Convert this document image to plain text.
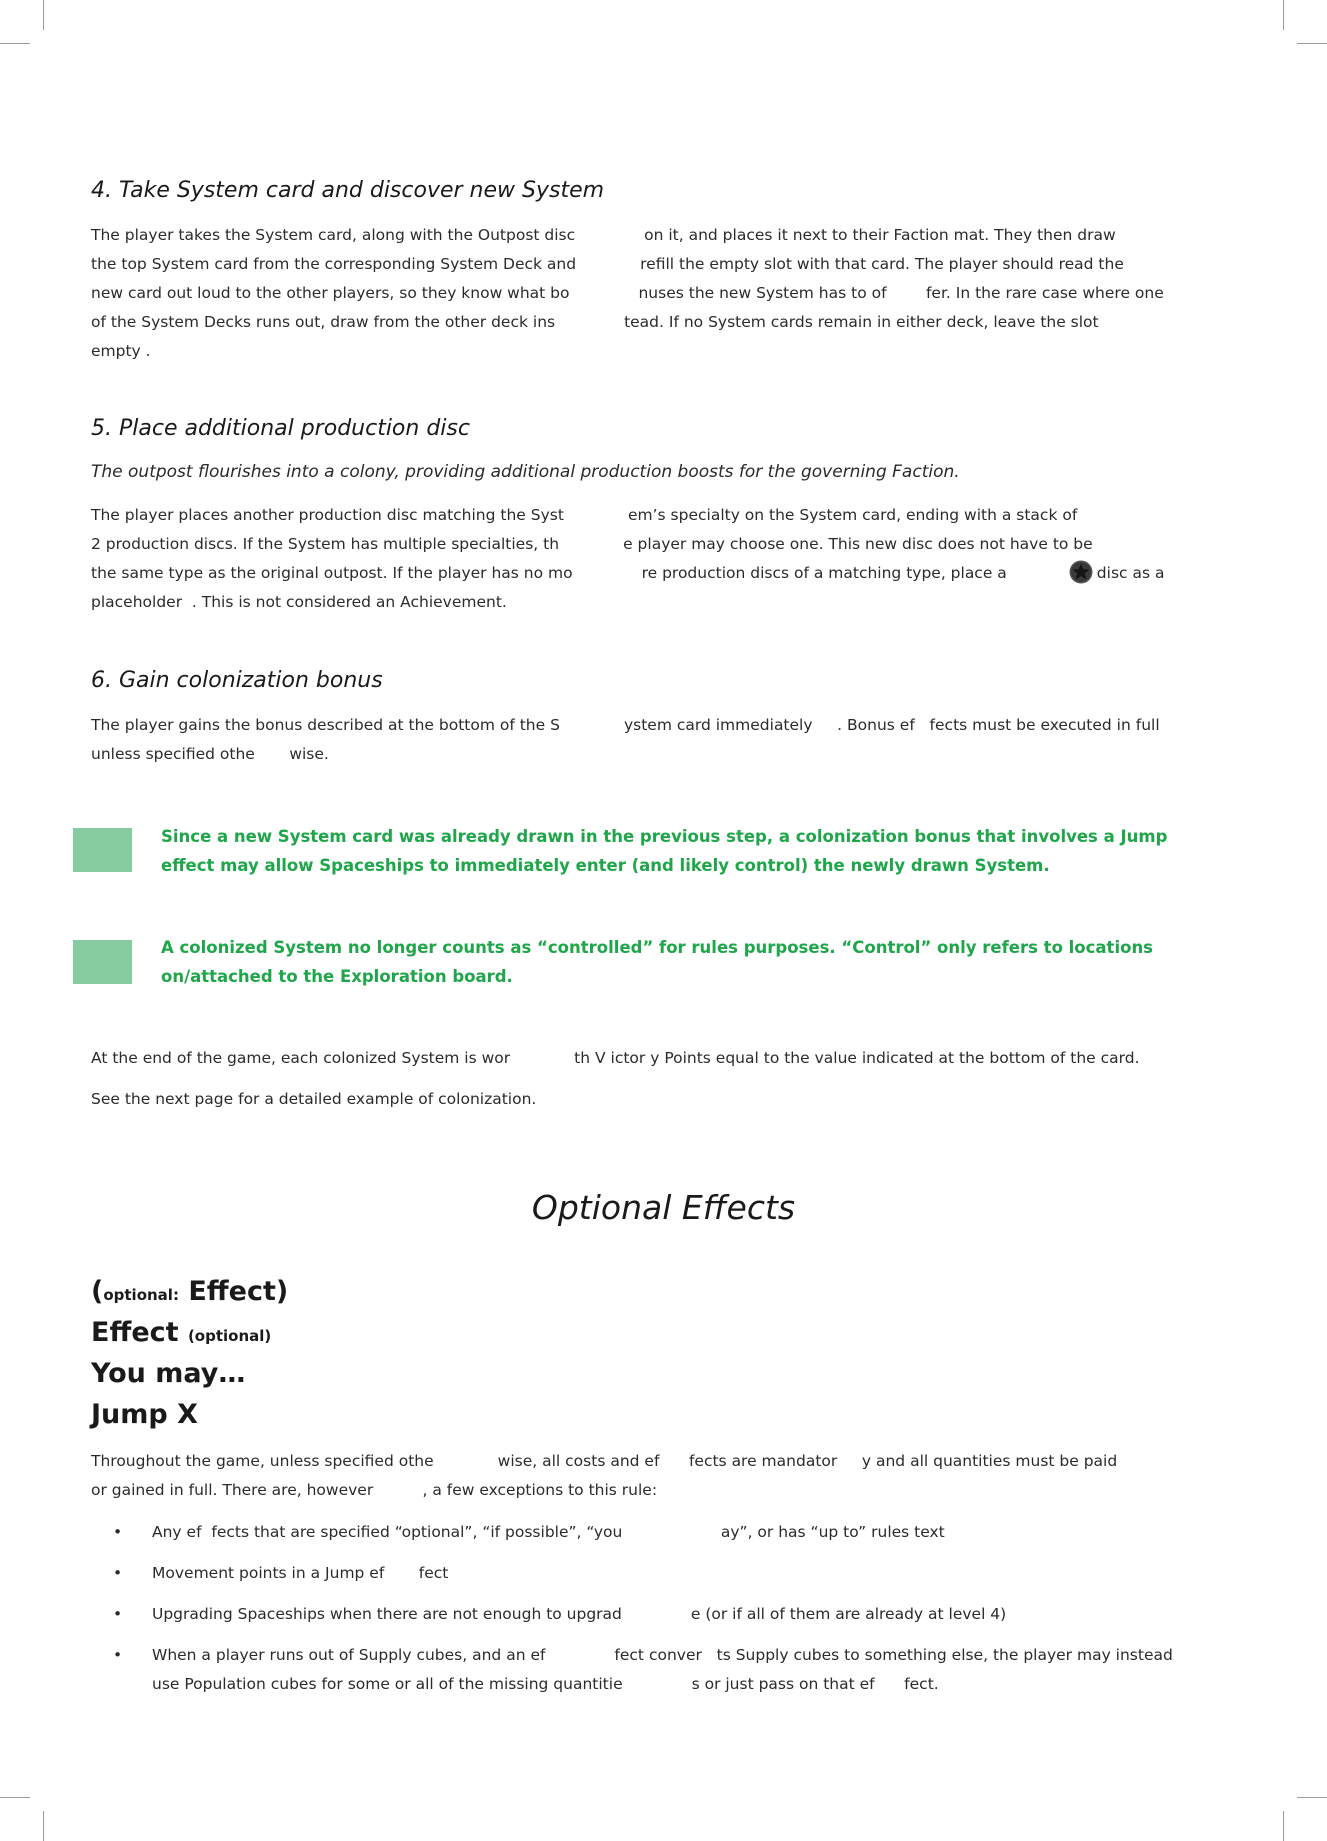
4. Take System card and discover new System
The player takes the System card, along with the Outpost disc              on it, and places it next to their Faction mat. They then draw
the top System card from the corresponding System Deck and             refill the empty slot with that card. The player should read the
new card out loud to the other players, so they know what bo              nuses the new System has to of        fer. In the rare case where one
of the System Decks runs out, draw from the other deck ins              tead. If no System cards remain in either deck, leave the slot
empty .
5. Place additional production disc
The outpost flourishes into a colony, providing additional production boosts for the governing Faction.
The player places another production disc matching the Syst             em’s specialty on the System card, ending with a stack of
2 production discs. If the System has multiple specialties, th             e player may choose one. This new disc does not have to be
the same type as the original outpost. If the player has no mo              re production discs of a matching type, place a	disc as a
placeholder  . This is not considered an Achievement.
6. Gain colonization bonus
The player gains the bonus described at the bottom of the S             ystem card immediately     . Bonus ef   fects must be executed in full
unless specified othe       wise.
Since a new System card was already drawn in the previous step, a colonization bonus that involves a Jump
effect may allow Spaceships to immediately enter (and likely control) the newly drawn System.
A colonized System no longer counts as “controlled” for rules purposes. “Control” only refers to locations
on/attached to the Exploration board.
At the end of the game, each colonized System is wor             th V ictor y Points equal to the value indicated at the bottom of the card.
See the next page for a detailed example of colonization.
Optional Effects
(optional: Effect)
Effect (optional)
You may…
Jump X
Throughout the game, unless specified othe             wise, all costs and ef      fects are mandator     y and all quantities must be paid
or gained in full. There are, however          , a few exceptions to this rule:
• Any ef  fects that are specified “optional”, “if possible”, “you                    ay”, or has “up to” rules text
• Movement points in a Jump ef       fect
• Upgrading Spaceships when there are not enough to upgrad              e (or if all of them are already at level 4)
• When a player runs out of Supply cubes, and an ef              fect conver   ts Supply cubes to something else, the player may instead
use Population cubes for some or all of the missing quantitie              s or just pass on that ef      fect.
